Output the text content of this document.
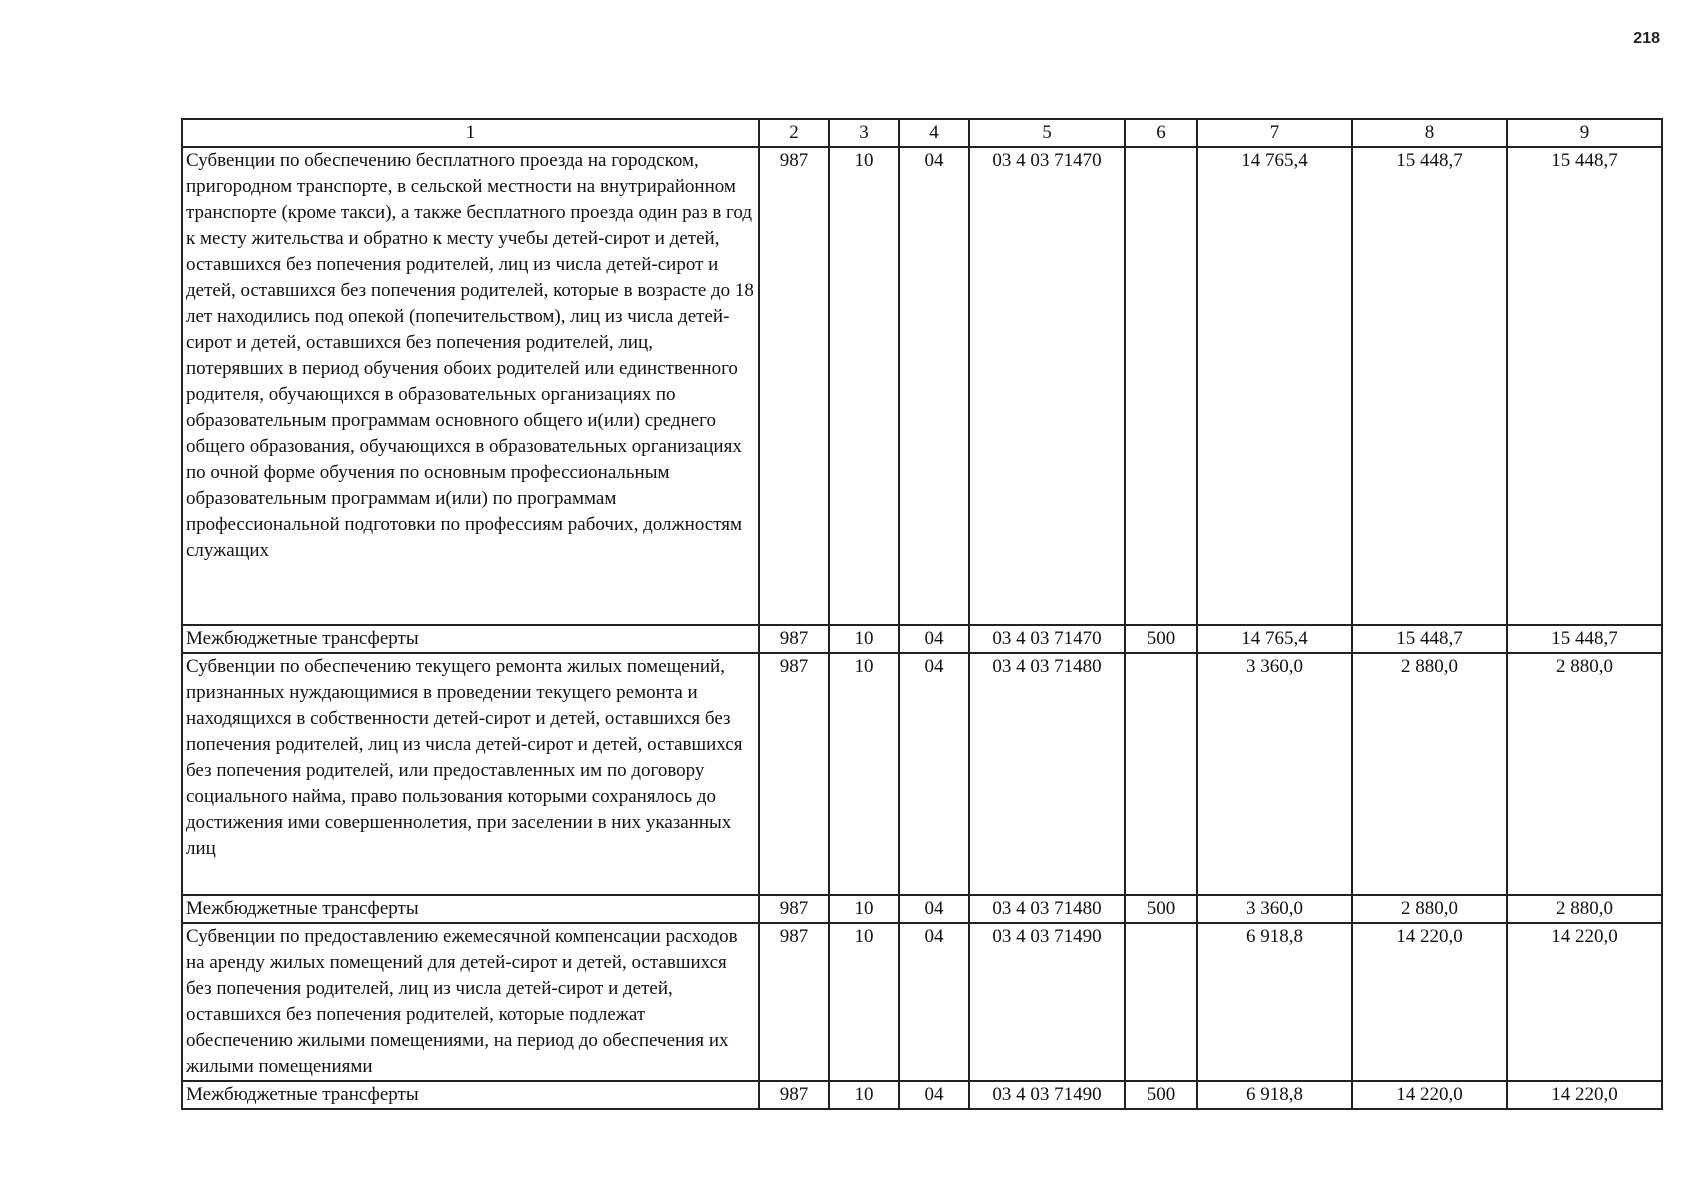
218
1	2	3	4	5	6	7	8	9
Субвенции по обеспечению бесплатного проезда на городском, пригородном транспорте, в сельской местности на внутрирайонном транспорте (кроме такси), а также бесплатного проезда один раз в год к месту жительства и обратно к месту учебы детей-сирот и детей, оставшихся без попечения родителей, лиц из числа детей-сирот и детей, оставшихся без попечения родителей, которые в возрасте до 18 лет находились под опекой (попечительством), лиц из числа детей-сирот и детей, оставшихся без попечения родителей, лиц, потерявших в период обучения обоих родителей или единственного родителя, обучающихся в образовательных организациях по образовательным программам основного общего и(или) среднего общего образования, обучающихся в образовательных организациях по очной форме обучения по основным профессиональным образовательным программам и(или) по программам профессиональной подготовки по профессиям рабочих, должностям служащих	987	10	04	03 4 03 71470		14 765,4	15 448,7	15 448,7
Межбюджетные трансферты	987	10	04	03 4 03 71470	500	14 765,4	15 448,7	15 448,7
Субвенции по обеспечению текущего ремонта жилых помещений, признанных нуждающимися в проведении текущего ремонта и находящихся в собственности детей-сирот и детей, оставшихся без попечения родителей, лиц из числа детей-сирот и детей, оставшихся без попечения родителей, или предоставленных им по договору социального найма, право пользования которыми сохранялось до достижения ими совершеннолетия, при заселении в них указанных лиц	987	10	04	03 4 03 71480		3 360,0	2 880,0	2 880,0
Межбюджетные трансферты	987	10	04	03 4 03 71480	500	3 360,0	2 880,0	2 880,0
Субвенции по предоставлению ежемесячной компенсации расходов на аренду жилых помещений для детей-сирот и детей, оставшихся без попечения родителей, лиц из числа детей-сирот и детей, оставшихся без попечения родителей, которые подлежат обеспечению жилыми помещениями, на период до обеспечения их жилыми помещениями	987	10	04	03 4 03 71490		6 918,8	14 220,0	14 220,0
Межбюджетные трансферты	987	10	04	03 4 03 71490	500	6 918,8	14 220,0	14 220,0
